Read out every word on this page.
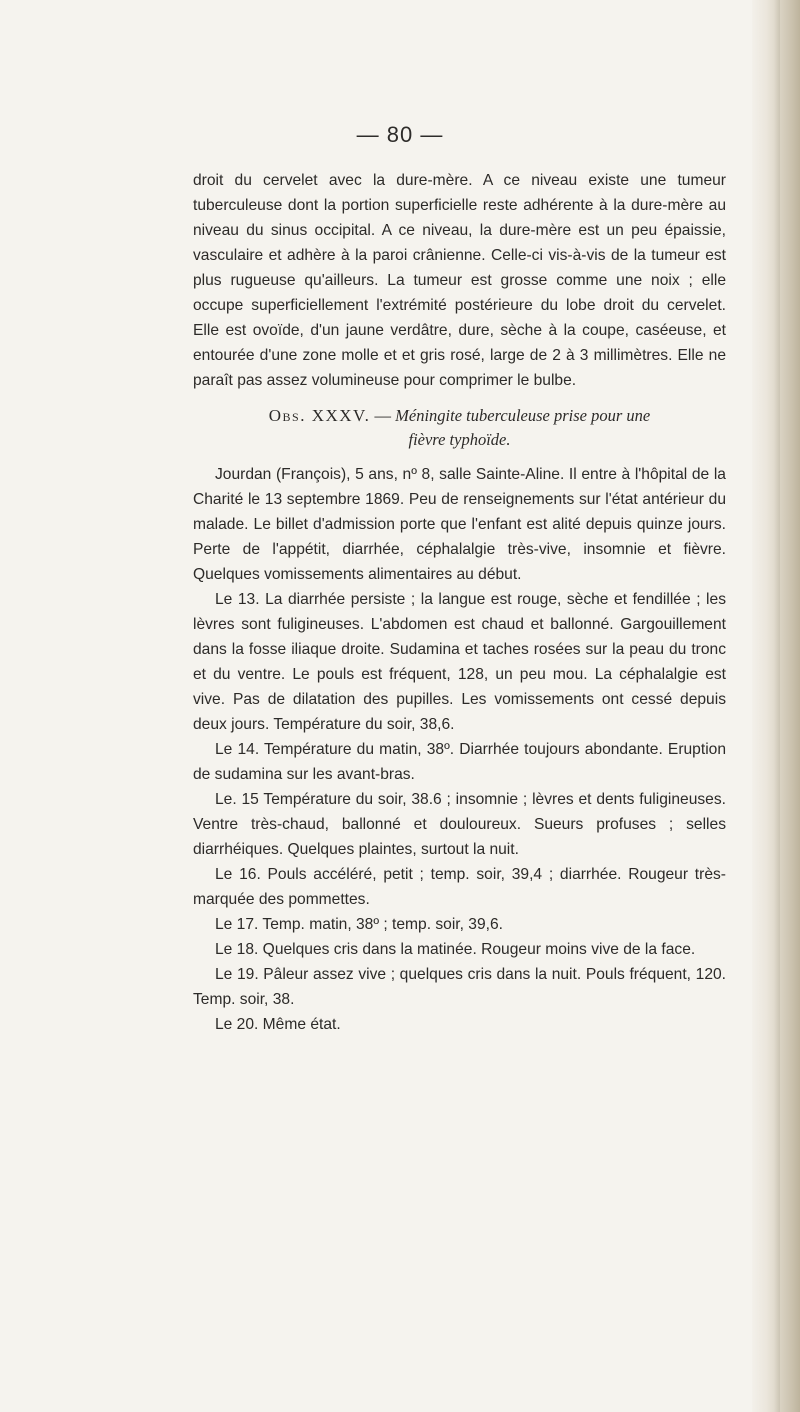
— 80 —

droit du cervelet avec la dure-mère. A ce niveau existe une tumeur tuberculeuse dont la portion superficielle reste adhérente à la dure-mère au niveau du sinus occipital. A ce niveau, la dure-mère est un peu épaissie, vasculaire et adhère à la paroi crânienne. Celle-ci vis-à-vis de la tumeur est plus rugueuse qu'ailleurs. La tumeur est grosse comme une noix ; elle occupe superficiellement l'extrémité postérieure du lobe droit du cervelet. Elle est ovoïde, d'un jaune verdâtre, dure, sèche à la coupe, caséeuse, et entourée d'une zone molle et et gris rosé, large de 2 à 3 millimètres. Elle ne paraît pas assez volumineuse pour comprimer le bulbe.

Obs. XXXV. — Méningite tuberculeuse prise pour une
fièvre typhoïde.

Jourdan (François), 5 ans, nº 8, salle Sainte-Aline. Il entre à l'hôpital de la Charité le 13 septembre 1869. Peu de renseignements sur l'état antérieur du malade. Le billet d'admission porte que l'enfant est alité depuis quinze jours. Perte de l'appétit, diarrhée, céphalalgie très-vive, insomnie et fièvre. Quelques vomissements alimentaires au début.

Le 13. La diarrhée persiste ; la langue est rouge, sèche et fendillée ; les lèvres sont fuligineuses. L'abdomen est chaud et ballonné. Gargouillement dans la fosse iliaque droite. Sudamina et taches rosées sur la peau du tronc et du ventre. Le pouls est fréquent, 128, un peu mou. La céphalalgie est vive. Pas de dilatation des pupilles. Les vomissements ont cessé depuis deux jours. Température du soir, 38,6.

Le 14. Température du matin, 38º. Diarrhée toujours abondante. Eruption de sudamina sur les avant-bras.

Le. 15 Température du soir, 38.6 ; insomnie ; lèvres et dents fuligineuses. Ventre très-chaud, ballonné et douloureux. Sueurs profuses ; selles diarrhéiques. Quelques plaintes, surtout la nuit.

Le 16. Pouls accéléré, petit ; temp. soir, 39,4 ; diarrhée. Rougeur très-marquée des pommettes.

Le 17. Temp. matin, 38º ; temp. soir, 39,6.

Le 18. Quelques cris dans la matinée. Rougeur moins vive de la face.

Le 19. Pâleur assez vive ; quelques cris dans la nuit. Pouls fréquent, 120. Temp. soir, 38.

Le 20. Même état.
